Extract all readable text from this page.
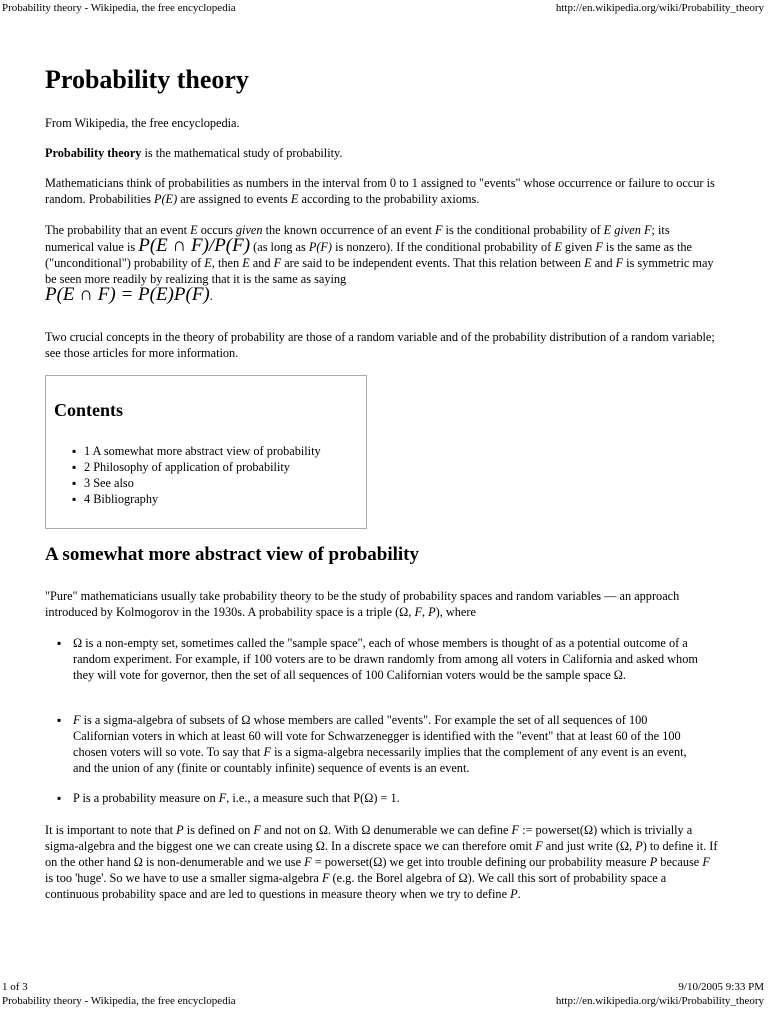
Probability theory - Wikipedia, the free encyclopedia	http://en.wikipedia.org/wiki/Probability_theory
Probability theory

From Wikipedia, the free encyclopedia.

Probability theory is the mathematical study of probability.

Mathematicians think of probabilities as numbers in the interval from 0 to 1 assigned to "events" whose occurrence or failure to occur is random. Probabilities P(E) are assigned to events E according to the probability axioms.

The probability that an event E occurs given the known occurrence of an event F is the conditional probability of E given F; its numerical value is P(E ∩ F)/P(F) (as long as P(F) is nonzero). If the conditional probability of E given F is the same as the ("unconditional") probability of E, then E and F are said to be independent events. That this relation between E and F is symmetric may be seen more readily by realizing that it is the same as saying
P(E ∩ F) = P(E)P(F).

Two crucial concepts in the theory of probability are those of a random variable and of the probability distribution of a random variable; see those articles for more information.

Contents
▪ 1 A somewhat more abstract view of probability
▪ 2 Philosophy of application of probability
▪ 3 See also
▪ 4 Bibliography
A somewhat more abstract view of probability

"Pure" mathematicians usually take probability theory to be the study of probability spaces and random variables — an approach introduced by Kolmogorov in the 1930s. A probability space is a triple (Ω, F, P), where

▪
Ω is a non-empty set, sometimes called the "sample space", each of whose members is thought of as a potential outcome of a random experiment. For example, if 100 voters are to be drawn randomly from among all voters in California and asked whom they will vote for governor, then the set of all sequences of 100 Californian voters would be the sample space Ω.
▪
F is a sigma-algebra of subsets of Ω whose members are called "events". For example the set of all sequences of 100 Californian voters in which at least 60 will vote for Schwarzenegger is identified with the "event" that at least 60 of the 100 chosen voters will so vote. To say that F is a sigma-algebra necessarily implies that the complement of any event is an event, and the union of any (finite or countably infinite) sequence of events is an event.
▪
P is a probability measure on F, i.e., a measure such that P(Ω) = 1.

It is important to note that P is defined on F and not on Ω. With Ω denumerable we can define F := powerset(Ω) which is trivially a sigma-algebra and the biggest one we can create using Ω. In a discrete space we can therefore omit F and just write (Ω, P) to define it. If on the other hand Ω is non-denumerable and we use F = powerset(Ω) we get into trouble defining our probability measure P because F is too 'huge'. So we have to use a smaller sigma-algebra F (e.g. the Borel algebra of Ω). We call this sort of probability space a continuous probability space and are led to questions in measure theory when we try to define P.

1 of 3	9/10/2005 9:33 PM
Probability theory - Wikipedia, the free encyclopedia	http://en.wikipedia.org/wiki/Probability_theory
